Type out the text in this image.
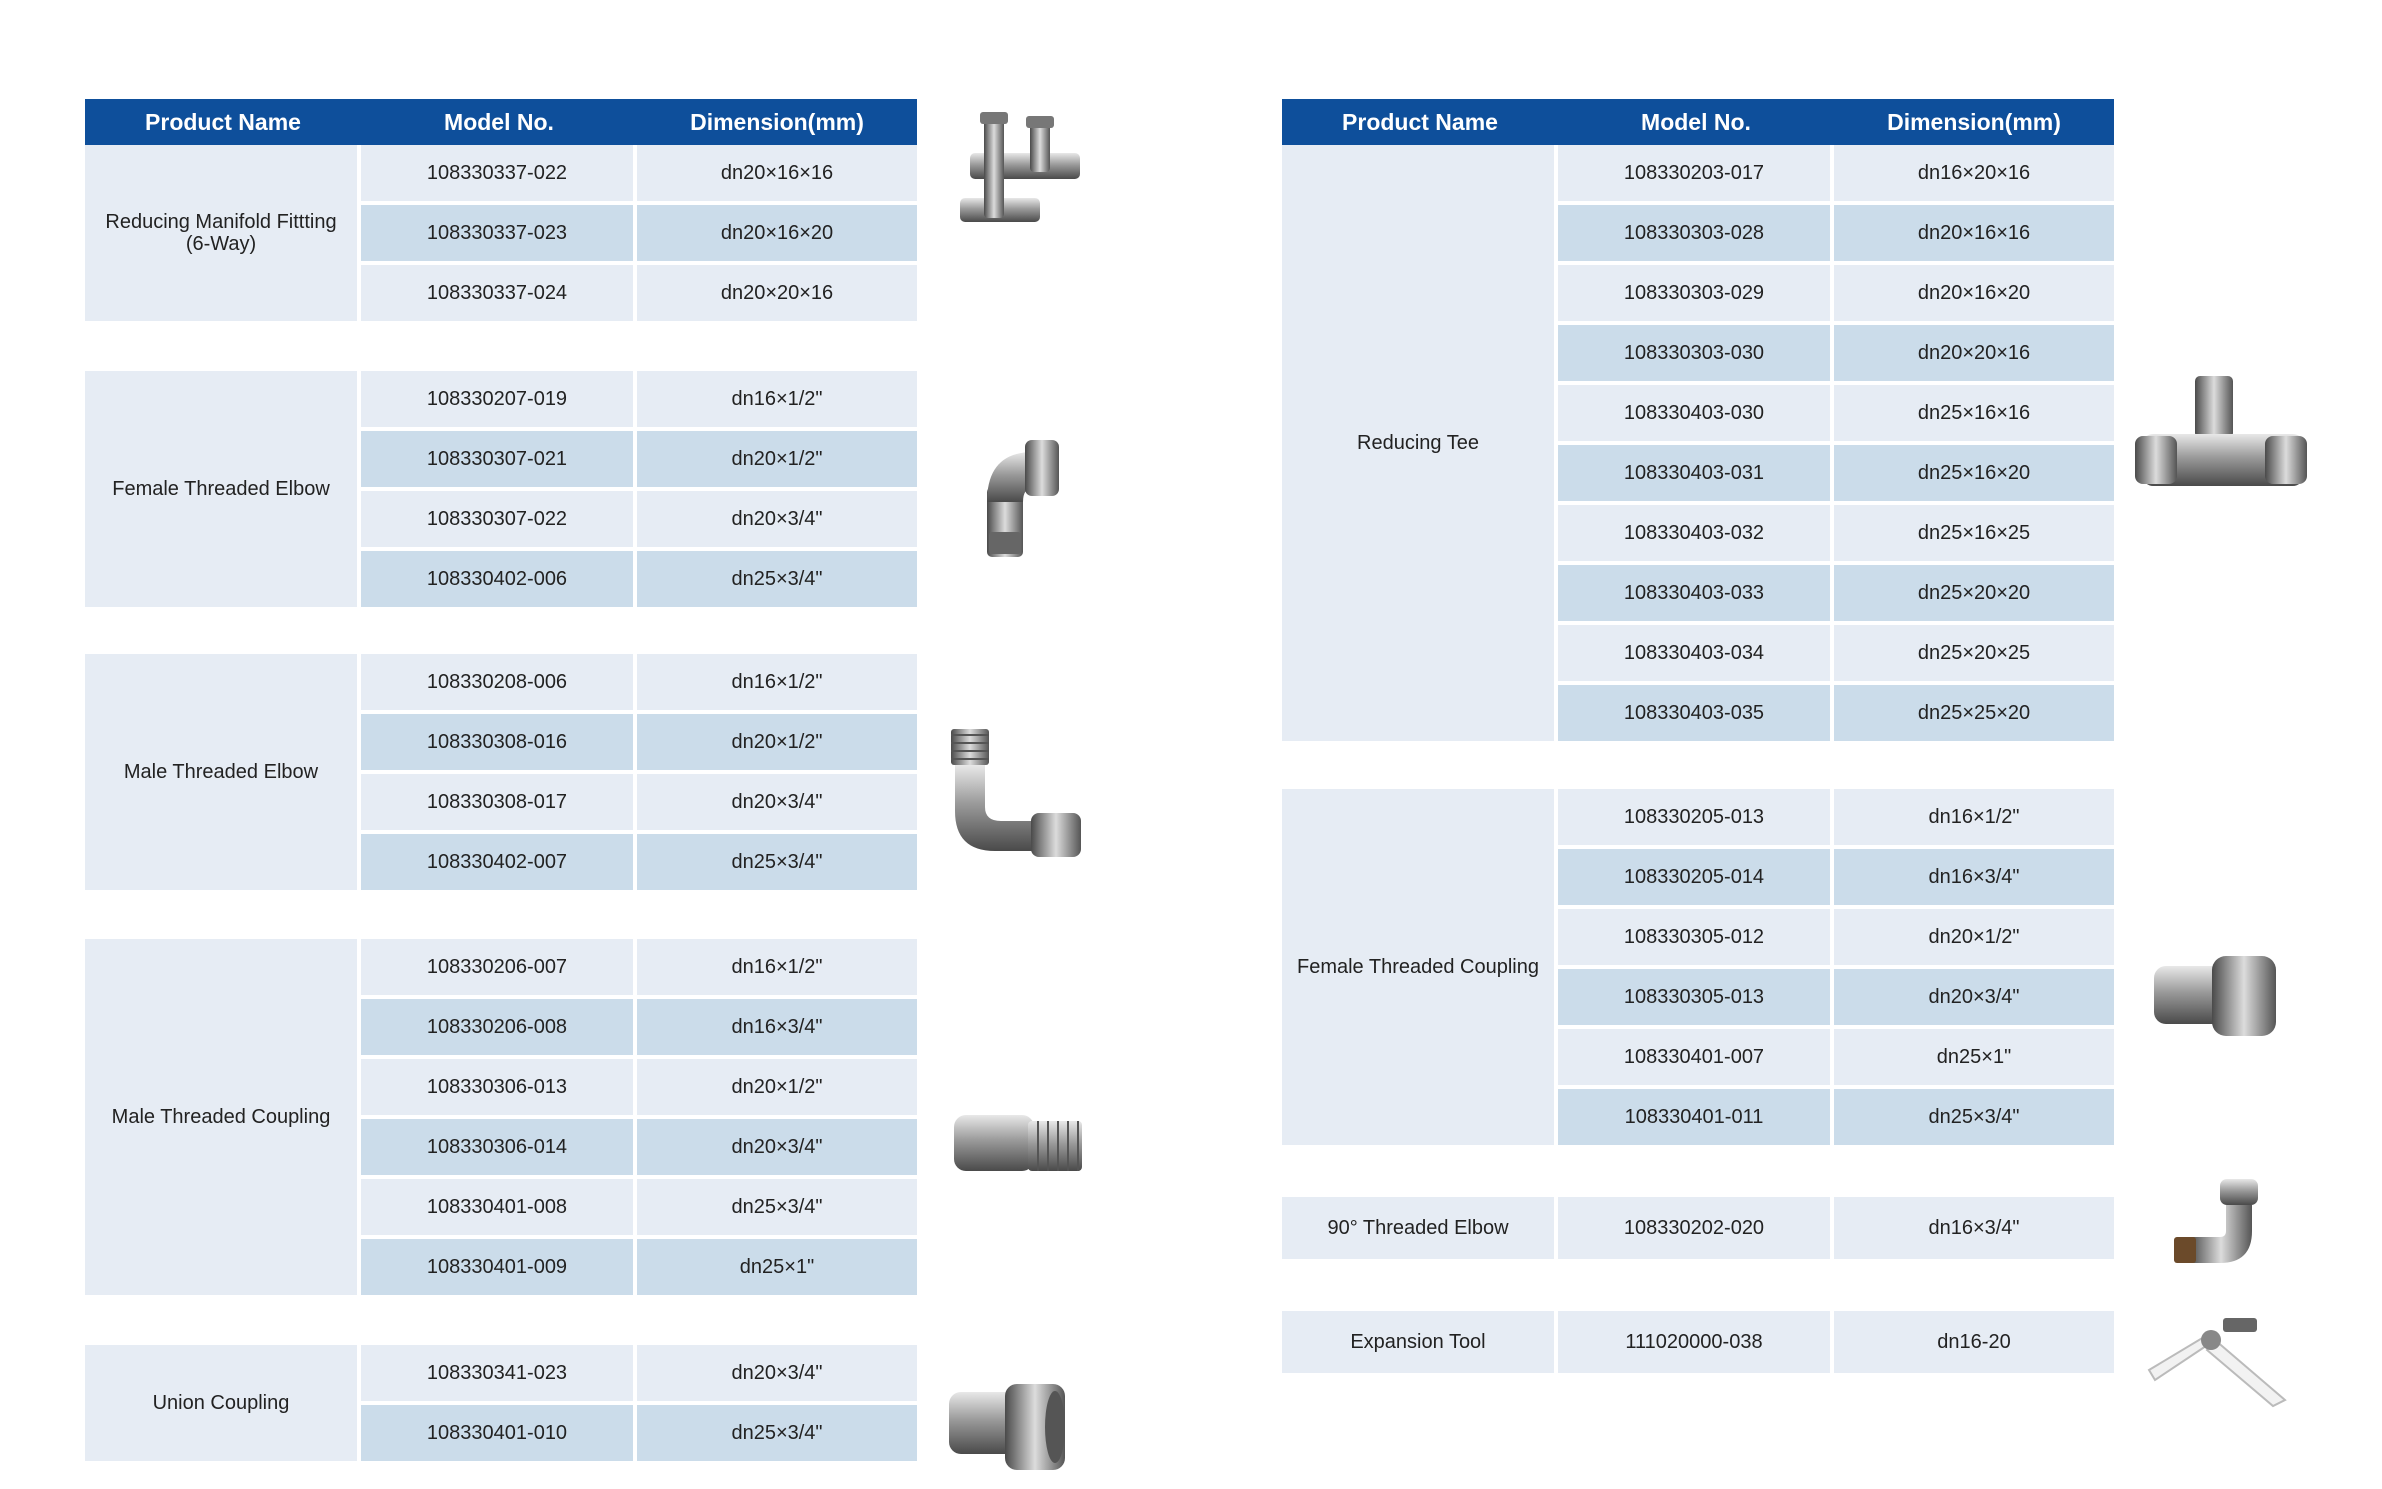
Product Name	Model No.	Dimension(mm)
Reducing Manifold Fittting (6-Way)
108330337-022	dn20×16×16
108330337-023	dn20×16×20
108330337-024	dn20×20×16
Female Threaded Elbow
108330207-019	dn16×1/2"
108330307-021	dn20×1/2"
108330307-022	dn20×3/4"
108330402-006	dn25×3/4"
Male Threaded Elbow
108330208-006	dn16×1/2"
108330308-016	dn20×1/2"
108330308-017	dn20×3/4"
108330402-007	dn25×3/4"
Male Threaded Coupling
108330206-007	dn16×1/2"
108330206-008	dn16×3/4"
108330306-013	dn20×1/2"
108330306-014	dn20×3/4"
108330401-008	dn25×3/4"
108330401-009	dn25×1"
Union Coupling
108330341-023	dn20×3/4"
108330401-010	dn25×3/4"
Product Name	Model No.	Dimension(mm)
Reducing Tee
108330203-017	dn16×20×16
108330303-028	dn20×16×16
108330303-029	dn20×16×20
108330303-030	dn20×20×16
108330403-030	dn25×16×16
108330403-031	dn25×16×20
108330403-032	dn25×16×25
108330403-033	dn25×20×20
108330403-034	dn25×20×25
108330403-035	dn25×25×20
Female Threaded Coupling
108330205-013	dn16×1/2"
108330205-014	dn16×3/4"
108330305-012	dn20×1/2"
108330305-013	dn20×3/4"
108330401-007	dn25×1"
108330401-011	dn25×3/4"
90° Threaded Elbow	108330202-020	dn16×3/4"
Expansion Tool	111020000-038	dn16-20
